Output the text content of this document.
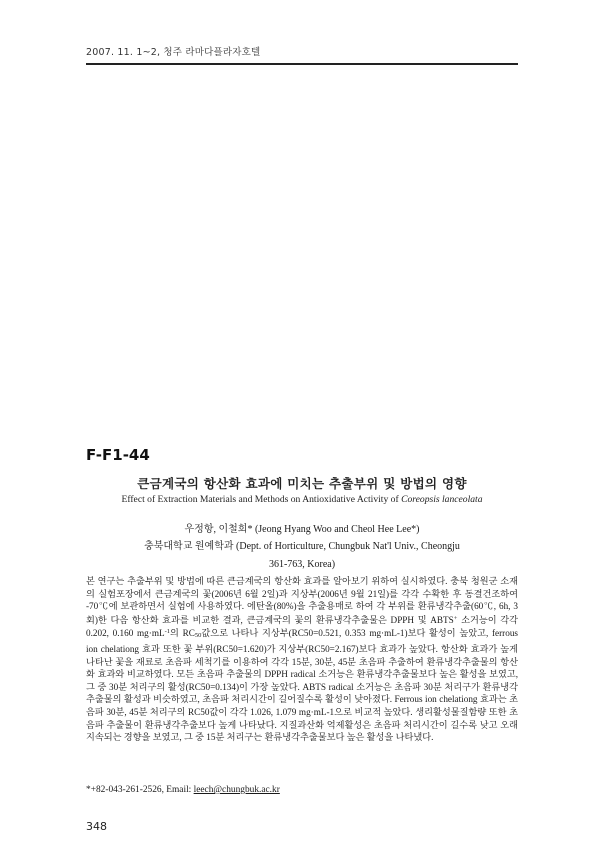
2007. 11. 1~2, 청주 라마다플라자호텔
F-F1-44
큰금계국의 항산화 효과에 미치는 추출부위 및 방법의 영향
Effect of Extraction Materials and Methods on Antioxidative Activity of Coreopsis lanceolata
우정항, 이철희* (Jeong Hyang Woo and Cheol Hee Lee*)
충북대학교 원예학과 (Dept. of Horticulture, Chungbuk Nat'l Univ., Cheongju
361-763, Korea)
본 연구는 추출부위 및 방법에 따른 큰금계국의 항산화 효과를 알아보기 위하여 실시하였다. 충북 청원군 소재의 실험포장에서 큰금계국의 꽃(2006년 6월 2일)과 지상부(2006년 9월 21일)를 각각 수확한 후 동결건조하여 -70℃에 보관하면서 실험에 사용하였다. 에탄올(80%)을 추출용매로 하여 각 부위를 환류냉각추출(60℃, 6h, 3회)한 다음 항산화 효과를 비교한 결과, 큰금계국의 꽃의 환류냉각추출물은 DPPH 및 ABTS+ 소거능이 각각 0.202, 0.160 $mg\cdot mL^{-1}$의 $RC_{50}$값으로 나타나 지상부(RC50=0.521, 0.353 mg·mL-1)보다 활성이 높았고, ferrous ion chelationg 효과 또한 꽃 부위(RC50=1.620)가 지상부(RC50=2.167)보다 효과가 높았다. 항산화 효과가 높게 나타난 꽃을 재료로 초음파 세척기를 이용하여 각각 15분, 30분, 45분 초음파 추출하여 환류냉각추출물의 항산화 효과와 비교하였다. 모든 초음파 추출물의 DPPH radical 소거능은 환류냉각추출물보다 높은 활성을 보였고, 그 중 30분 처리구의 활성(RC50=0.134)이 가장 높았다. ABTS radical 소거능은 초음파 30분 처리구가 환류냉각추출물의 활성과 비슷하였고, 초음파 처리시간이 길어질수록 활성이 낮아졌다. Ferrous ion chelationg 효과는 초음파 30분, 45분 처리구의 RC50값이 각각 1.026, 1.079 mg·mL-1으로 비교적 높았다. 생리활성물질함량 또한 초음파 추출물이 환류냉각추출보다 높게 나타났다. 지질과산화 억제활성은 초음파 처리시간이 길수록 낮고 오래 지속되는 경향을 보였고, 그 중 15분 처리구는 환류냉각추출물보다 높은 활성을 나타냈다.
*+82-043-261-2526, Email: leech@chungbuk.ac.kr
348
